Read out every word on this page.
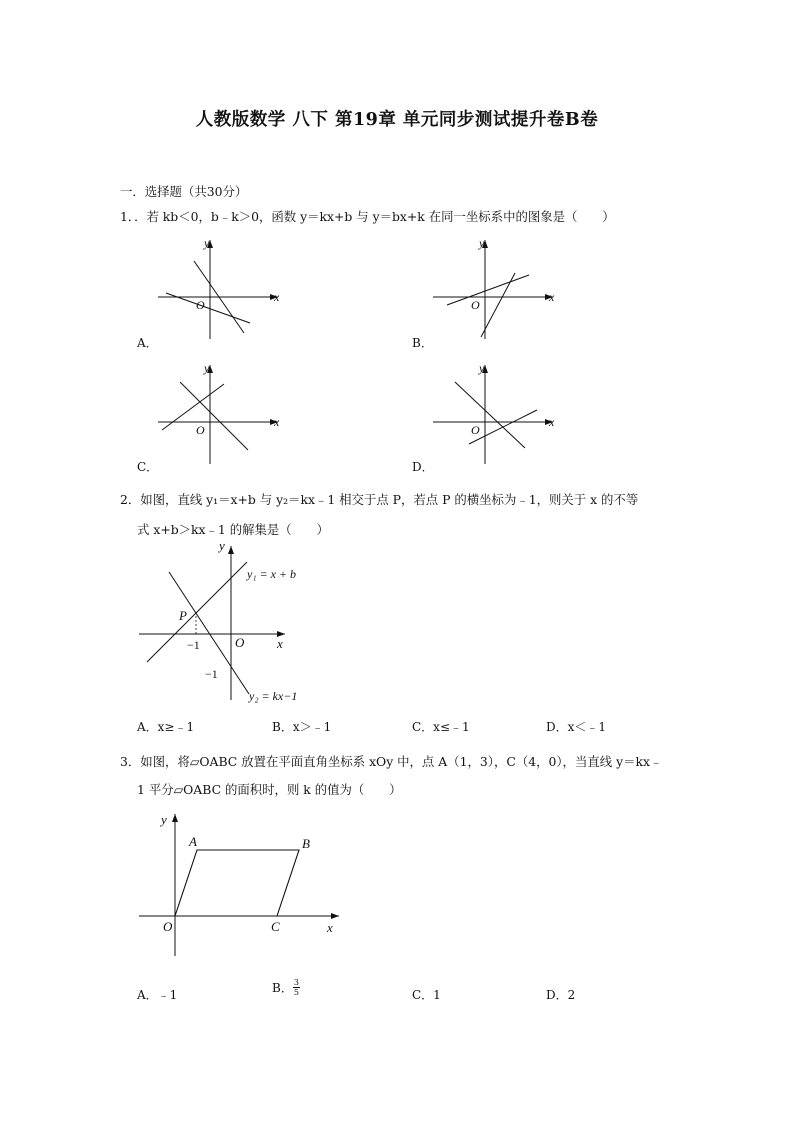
人教版数学 八下 第19章 单元同步测试提升卷B卷
一．选择题（共30分）
1．．若 kb＜0，b﹣k＞0，函数 y＝kx+b 与 y＝bx+k 在同一坐标系中的图象是（　　）
x
y
O
A．
x
y
O
B．
x
y
O
C．
x
y
O
D．
2．如图，直线 y₁＝x+b 与 y₂＝kx﹣1 相交于点 P，若点 P 的横坐标为﹣1，则关于 x 的不等
式 x+b＞kx﹣1 的解集是（　　）
P
−1
−1
O	x
y
y₁ = x + b
y₂ = kx−1
A．x≥﹣1	B．x＞﹣1	C．x≤﹣1	D．x＜﹣1
3．如图，将▱OABC 放置在平面直角坐标系 xOy 中，点 A（1，3），C（4，0），当直线 y＝kx﹣
1 平分▱OABC 的面积时，则 k 的值为（　　）
A	B
C
O	x
y
A．﹣1	B． $\frac{3}{5}$	C．1	D．2
